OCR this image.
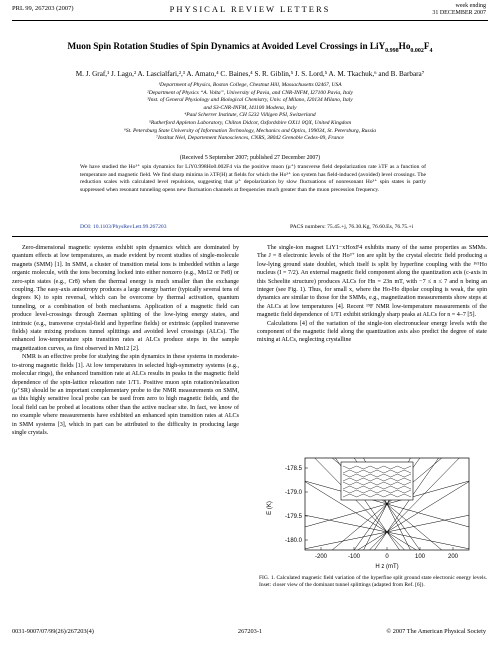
PRL 99, 267203 (2007)	PHYSICAL REVIEW LETTERS	week ending
31 DECEMBER 2007
Muon Spin Rotation Studies of Spin Dynamics at Avoided Level Crossings in $LiY_{0.998}Ho_{0.002}F_4$
M. J. Graf,¹ J. Lago,² A. Lascialfari,²,³ A. Amato,⁴ C. Baines,⁴ S. R. Giblin,⁵ J. S. Lord,⁵ A. M. Tkachuk,⁶ and B. Barbara⁷
¹Department of Physics, Boston College, Chestnut Hill, Massachusetts 02467, USA
²Department of Physics “A. Volta”, University of Pavia, and CNR-INFM, I27100 Pavia, Italy
³Inst. of General Physiology and Biological Chemistry, Univ. of Milano, I20134 Milano, Italy
and S3-CNR-INFM, I41100 Modena, Italy
⁴Paul Scherrer Institute, CH 5232 Villigen PSI, Switzerland
⁵Rutherford Appleton Laboratory, Chilton Didcot, Oxfordshire OX11 0QX, United Kingdom
⁶St. Petersburg State University of Information Technology, Mechanics and Optics, 199034, St. Petersburg, Russia
⁷Institut Néel, Departement Nanosciences, CNRS, 38042 Grenoble Cedex-09, France
(Received 5 September 2007; published 27 December 2007)
We have studied the Ho³⁺ spin dynamics for LiY0.998Ho0.002F4 via the positive muon (μ⁺) transverse field depolarization rate λTF as a function of temperature and magnetic field. We find sharp minima in λTF(H) at fields for which the Ho³⁺ ion system has field-induced (avoided) level crossings. The reduction scales with calculated level repulsions, suggesting that μ⁺ depolarization by slow fluctuations of nonresonant Ho³⁺ spin states is partly suppressed when resonant tunneling opens new fluctuation channels at frequencies much greater than the muon precession frequency.
DOI: 10.1103/PhysRevLett.99.267203	PACS numbers: 75.45.+j, 76.30.Kg, 76.60.Es, 76.75.+i

Zero-dimensional magnetic systems exhibit spin dynamics which are dominated by quantum effects at low temperatures, as made evident by recent studies of single-molecule magnets (SMM) [1]. In SMM, a cluster of transition metal ions is imbedded within a large organic molecule, with the ions becoming locked into either nonzero (e.g., Mn12 or Fe8) or zero-spin states (e.g., Cr8) when the thermal energy is much smaller than the exchange coupling. The easy-axis anisotropy produces a large energy barrier (typically several tens of degrees K) to spin reversal, which can be overcome by thermal activation, quantum tunneling, or a combination of both mechanisms. Application of a magnetic field can produce level-crossings through Zeeman splitting of the low-lying energy states, and intrinsic (e.g., transverse crystal-field and hyperfine fields) or extrinsic (applied transverse fields) state mixing produces tunnel splittings and avoided level crossings (ALCs). The enhanced low-temperature spin transition rates at ALCs produce steps in the sample magnetization curves, as first observed in Mn12 [2].

NMR is an effective probe for studying the spin dynamics in these systems in moderate-to-strong magnetic fields [1]. At low temperatures in selected high-symmetry systems (e.g., molecular rings), the enhanced transition rate at ALCs results in peaks in the magnetic field dependence of the spin-lattice relaxation rate 1/T1. Positive muon spin rotation/relaxation (μ⁺SR) should be an important complementary probe to the NMR measurements on SMM, as this highly sensitive local probe can be used from zero to high magnetic fields, and the local field can be probed at locations other than the active nuclear site. In fact, we know of no example where measurements have exhibited an enhanced spin transition rates at ALCs in SMM systems [3], which in part can be attributed to the difficulty in producing large single crystals.

The single-ion magnet LiY1−xHoxF4 exhibits many of the same properties as SMMs. The J = 8 electronic levels of the Ho³⁺ ion are split by the crystal electric field producing a low-lying ground state doublet, which itself is split by hyperfine coupling with the ¹⁶⁵Ho nucleus (I = 7/2). An external magnetic field component along the quantization axis (c-axis in this Scheelite structure) produces ALCs for Hn = 23n mT, with −7 ≤ n ≤ 7 and n being an integer (see Fig. 1). Thus, for small x, where the Ho-Ho dipolar coupling is weak, the spin dynamics are similar to those for the SMMs, e.g., magnetization measurements show steps at the ALCs at low temperatures [4]. Recent ¹⁹F NMR low-temperature measurements of the magnetic field dependence of 1/T1 exhibit strikingly sharp peaks at ALCs for n = 4–7 [5].

Calculations [4] of the variation of the single-ion electronuclear energy levels with the component of the magnetic field along the quantization axis also predict the degree of state mixing at ALCs, neglecting crystalline

-178.5
-179.0
-179.5
-180.0
E (K)
-200	-100	0	100	200
H z (mT)
FIG. 1. Calculated magnetic field variation of the hyperfine split ground state electronic energy levels. Inset: closer view of the dominant tunnel splittings (adapted from Ref. [6]).
0031-9007/07/99(26)/267203(4)	267203-1	© 2007 The American Physical Society
